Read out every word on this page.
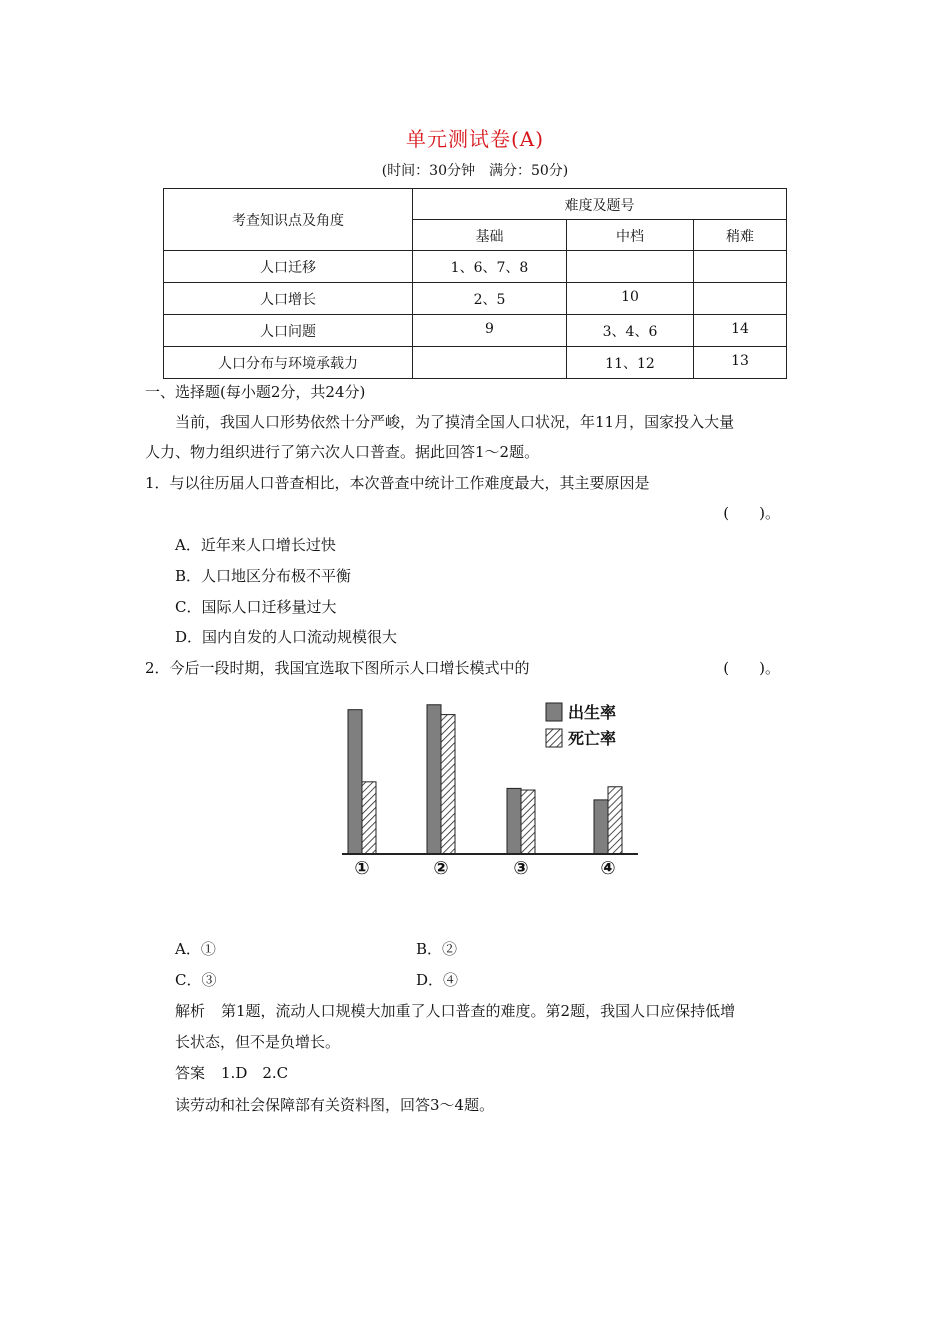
单元测试卷(A)
(时间：30分钟　满分：50分)
考查知识点及角度	难度及题号		
	基础	中档	稍难
人口迁移	1、6、7、8		
人口增长	2、5	10	
人口问题	9	3、4、6	14
人口分布与环境承载力		11、12	13
一、选择题(每小题2分，共24分)
当前，我国人口形势依然十分严峻，为了摸清全国人口状况，年11月，国家投入大量
人力、物力组织进行了第六次人口普查。据此回答1～2题。
1．与以往历届人口普查相比，本次普查中统计工作难度最大，其主要原因是
(　　)。
A．近年来人口增长过快
B．人口地区分布极不平衡
C．国际人口迁移量过大
D．国内自发的人口流动规模很大
2．今后一段时期，我国宜选取下图所示人口增长模式中的	(　　)。
①	②	③	④
出生率
死亡率
A．①	B．②
C．③	D．④
解析 第1题，流动人口规模大加重了人口普查的难度。第2题，我国人口应保持低增
长状态，但不是负增长。
答案 1.D　2.C
读劳动和社会保障部有关资料图，回答3～4题。
